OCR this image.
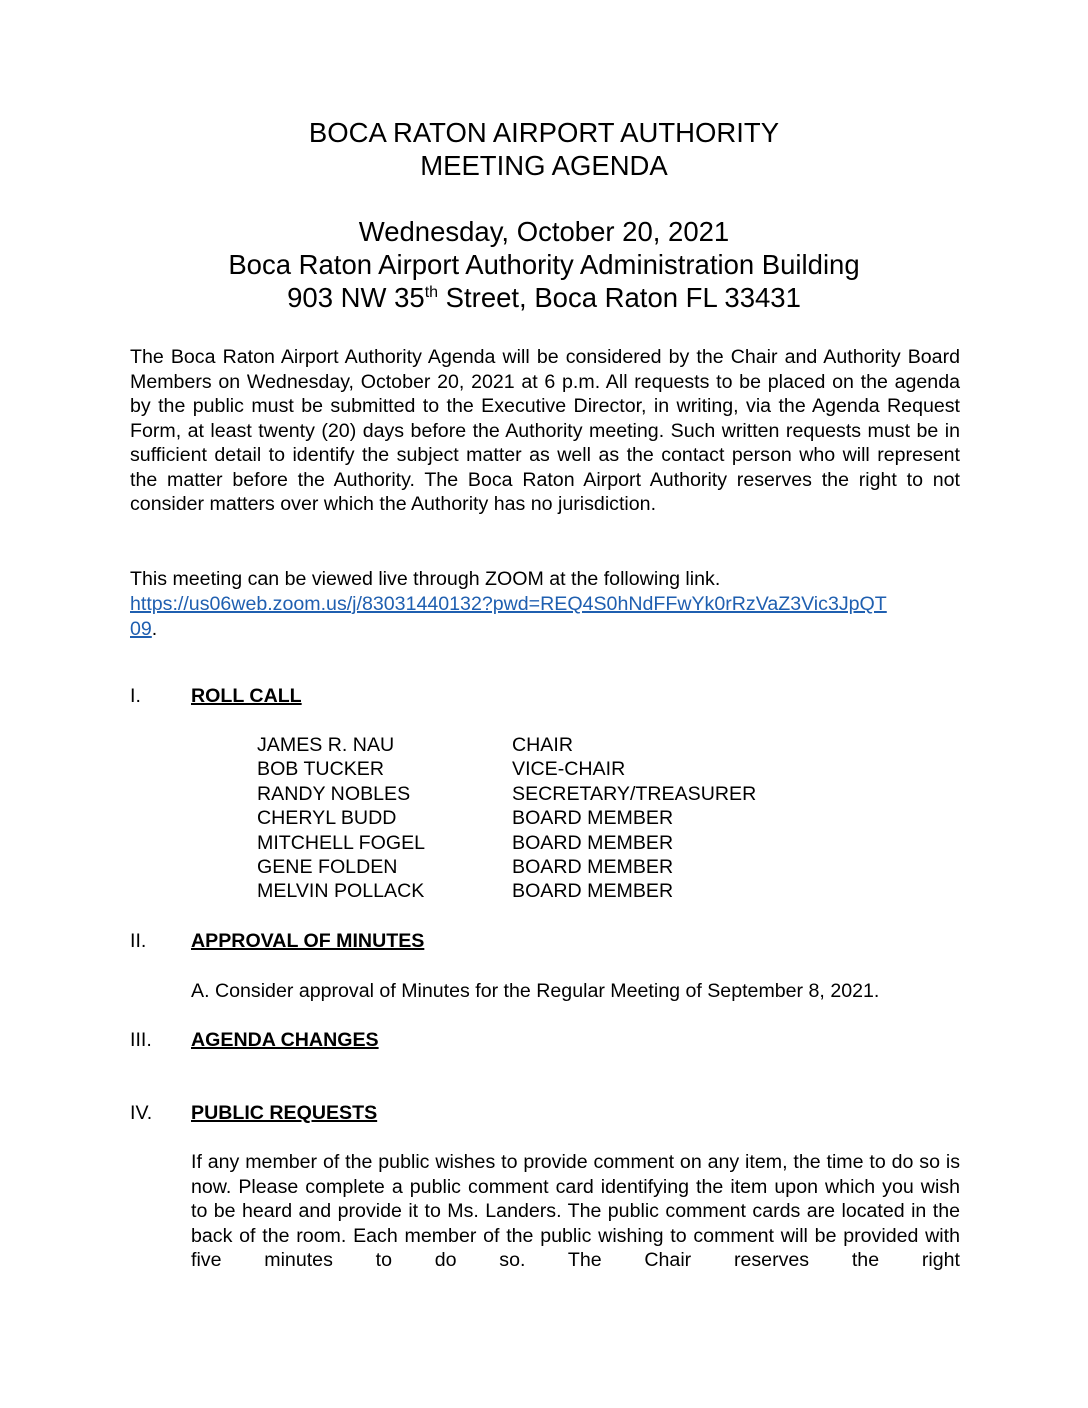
BOCA RATON AIRPORT AUTHORITY
MEETING AGENDA
Wednesday, October 20, 2021
Boca Raton Airport Authority Administration Building
903 NW 35th Street, Boca Raton FL 33431
The Boca Raton Airport Authority Agenda will be considered by the Chair and Authority Board Members on Wednesday, October 20, 2021 at 6 p.m. All requests to be placed on the agenda by the public must be submitted to the Executive Director, in writing, via the Agenda Request Form, at least twenty (20) days before the Authority meeting. Such written requests must be in sufficient detail to identify the subject matter as well as the contact person who will represent the matter before the Authority. The Boca Raton Airport Authority reserves the right to not consider matters over which the Authority has no jurisdiction.
This meeting can be viewed live through ZOOM at the following link.
https://us06web.zoom.us/j/83031440132?pwd=REQ4S0hNdFFwYk0rRzVaZ3Vic3JpQT
09.
I.	ROLL CALL
JAMES R. NAU	CHAIR
BOB TUCKER	VICE-CHAIR
RANDY NOBLES	SECRETARY/TREASURER
CHERYL BUDD	BOARD MEMBER
MITCHELL FOGEL	BOARD MEMBER
GENE FOLDEN	BOARD MEMBER
MELVIN POLLACK	BOARD MEMBER
II.	APPROVAL OF MINUTES
A. Consider approval of Minutes for the Regular Meeting of September 8, 2021.
III.	AGENDA CHANGES
IV.	PUBLIC REQUESTS
If any member of the public wishes to provide comment on any item, the time to do so is now. Please complete a public comment card identifying the item upon which you wish to be heard and provide it to Ms. Landers. The public comment cards are located in the back of the room. Each member of the public wishing to comment will be provided with five minutes to do so. The Chair reserves the right
